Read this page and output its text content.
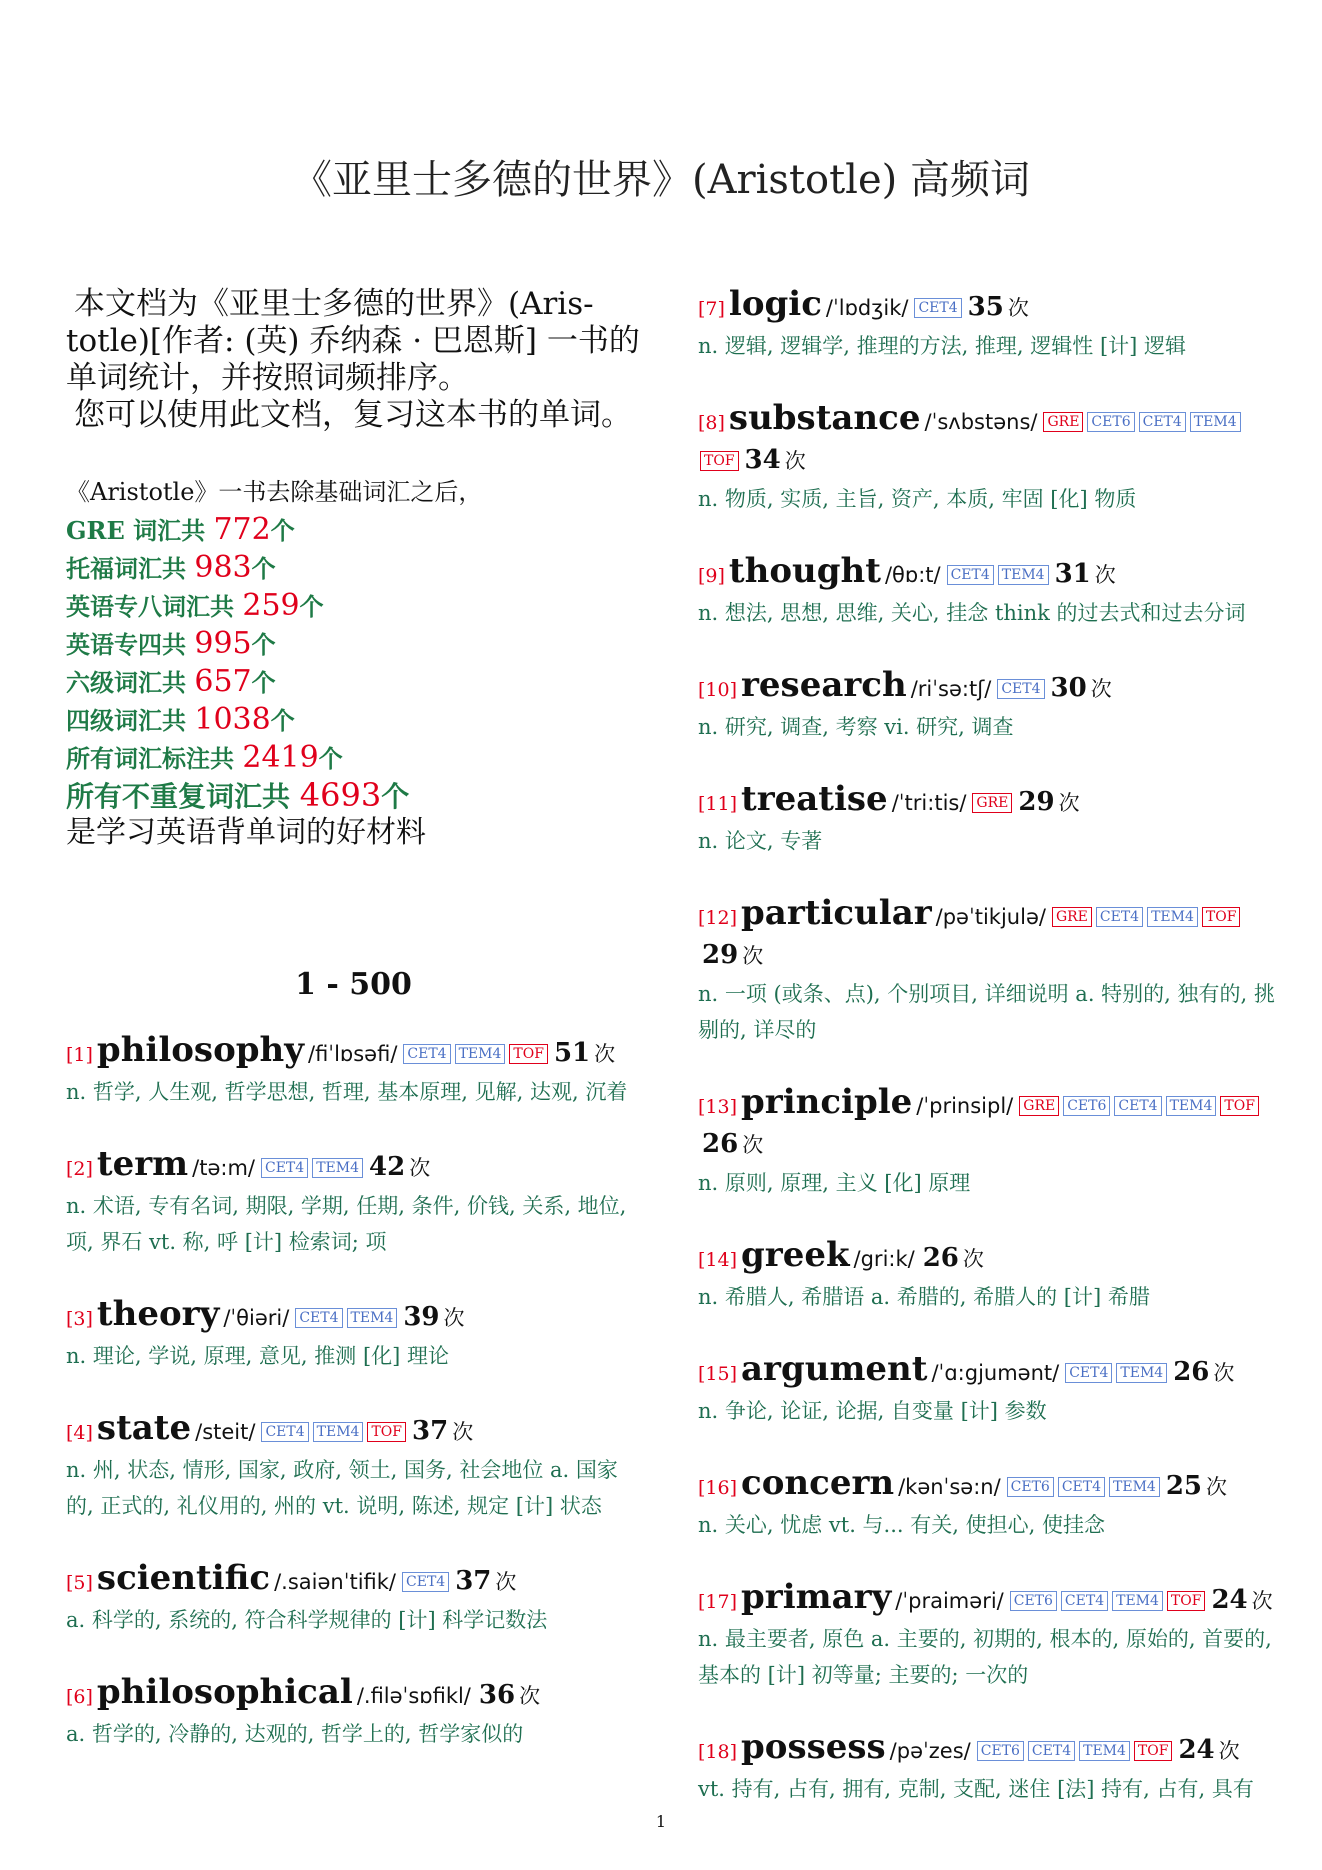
《亚里士多德的世界》(Aristotle) 高频词

本文档为《亚里士多德的世界》(Aris-totle)[作者: (英) 乔纳森 · 巴恩斯] 一书的单词统计，并按照词频排序。

您可以使用此文档，复习这本书的单词。

《Aristotle》一书去除基础词汇之后，
GRE 词汇共 772个
托福词汇共 983个
英语专八词汇共 259个
英语专四共 995个
六级词汇共 657个
四级词汇共 1038个
所有词汇标注共 2419个
所有不重复词汇共 4693个
是学习英语背单词的好材料
1 - 500
[1] philosophy /fiˈlɒsəfi/ CET4 TEM4 TOF 51 次
n. 哲学, 人生观, 哲学思想, 哲理, 基本原理, 见解, 达观, 沉着
[2] term /tə:m/ CET4 TEM4 42 次
n. 术语, 专有名词, 期限, 学期, 任期, 条件, 价钱, 关系, 地位, 项, 界石 vt. 称, 呼 [计] 检索词; 项
[3] theory /ˈθiəri/ CET4 TEM4 39 次
n. 理论, 学说, 原理, 意见, 推测 [化] 理论
[4] state /steit/ CET4 TEM4 TOF 37 次
n. 州, 状态, 情形, 国家, 政府, 领土, 国务, 社会地位 a. 国家的, 正式的, 礼仪用的, 州的 vt. 说明, 陈述, 规定 [计] 状态
[5] scientific /.saiənˈtifik/ CET4 37 次
a. 科学的, 系统的, 符合科学规律的 [计] 科学记数法
[6] philosophical /.filəˈsɒfikl/ 36 次
a. 哲学的, 冷静的, 达观的, 哲学上的, 哲学家似的
[7] logic /ˈlɒdʒik/ CET4 35 次
n. 逻辑, 逻辑学, 推理的方法, 推理, 逻辑性 [计] 逻辑
[8] substance /ˈsʌbstəns/ GRE CET6 CET4 TEM4TOF 34 次
n. 物质, 实质, 主旨, 资产, 本质, 牢固 [化] 物质
[9] thought /θɒ:t/ CET4 TEM4 31 次
n. 想法, 思想, 思维, 关心, 挂念 think 的过去式和过去分词
[10] research /riˈsə:tʃ/ CET4 30 次
n. 研究, 调查, 考察 vi. 研究, 调查
[11] treatise /ˈtri:tis/ GRE 29 次
n. 论文, 专著
[12] particular /pəˈtikjulə/ GRE CET4 TEM4 TOF29 次
n. 一项 (或条、点), 个别项目, 详细说明 a. 特别的, 独有的, 挑剔的, 详尽的
[13] principle /ˈprinsipl/ GRE CET6 CET4 TEM4 TOF26 次
n. 原则, 原理, 主义 [化] 原理
[14] greek /gri:k/ 26 次
n. 希腊人, 希腊语 a. 希腊的, 希腊人的 [计] 希腊
[15] argument /ˈɑ:gjumənt/ CET4 TEM4 26 次
n. 争论, 论证, 论据, 自变量 [计] 参数
[16] concern /kənˈsə:n/ CET6 CET4 TEM4 25 次
n. 关心, 忧虑 vt. 与... 有关, 使担心, 使挂念
[17] primary /ˈpraiməri/ CET6 CET4 TEM4 TOF 24 次
n. 最主要者, 原色 a. 主要的, 初期的, 根本的, 原始的, 首要的, 基本的 [计] 初等量; 主要的; 一次的
[18] possess /pəˈzes/ CET6 CET4 TEM4 TOF 24 次
vt. 持有, 占有, 拥有, 克制, 支配, 迷住 [法] 持有, 占有, 具有
1
